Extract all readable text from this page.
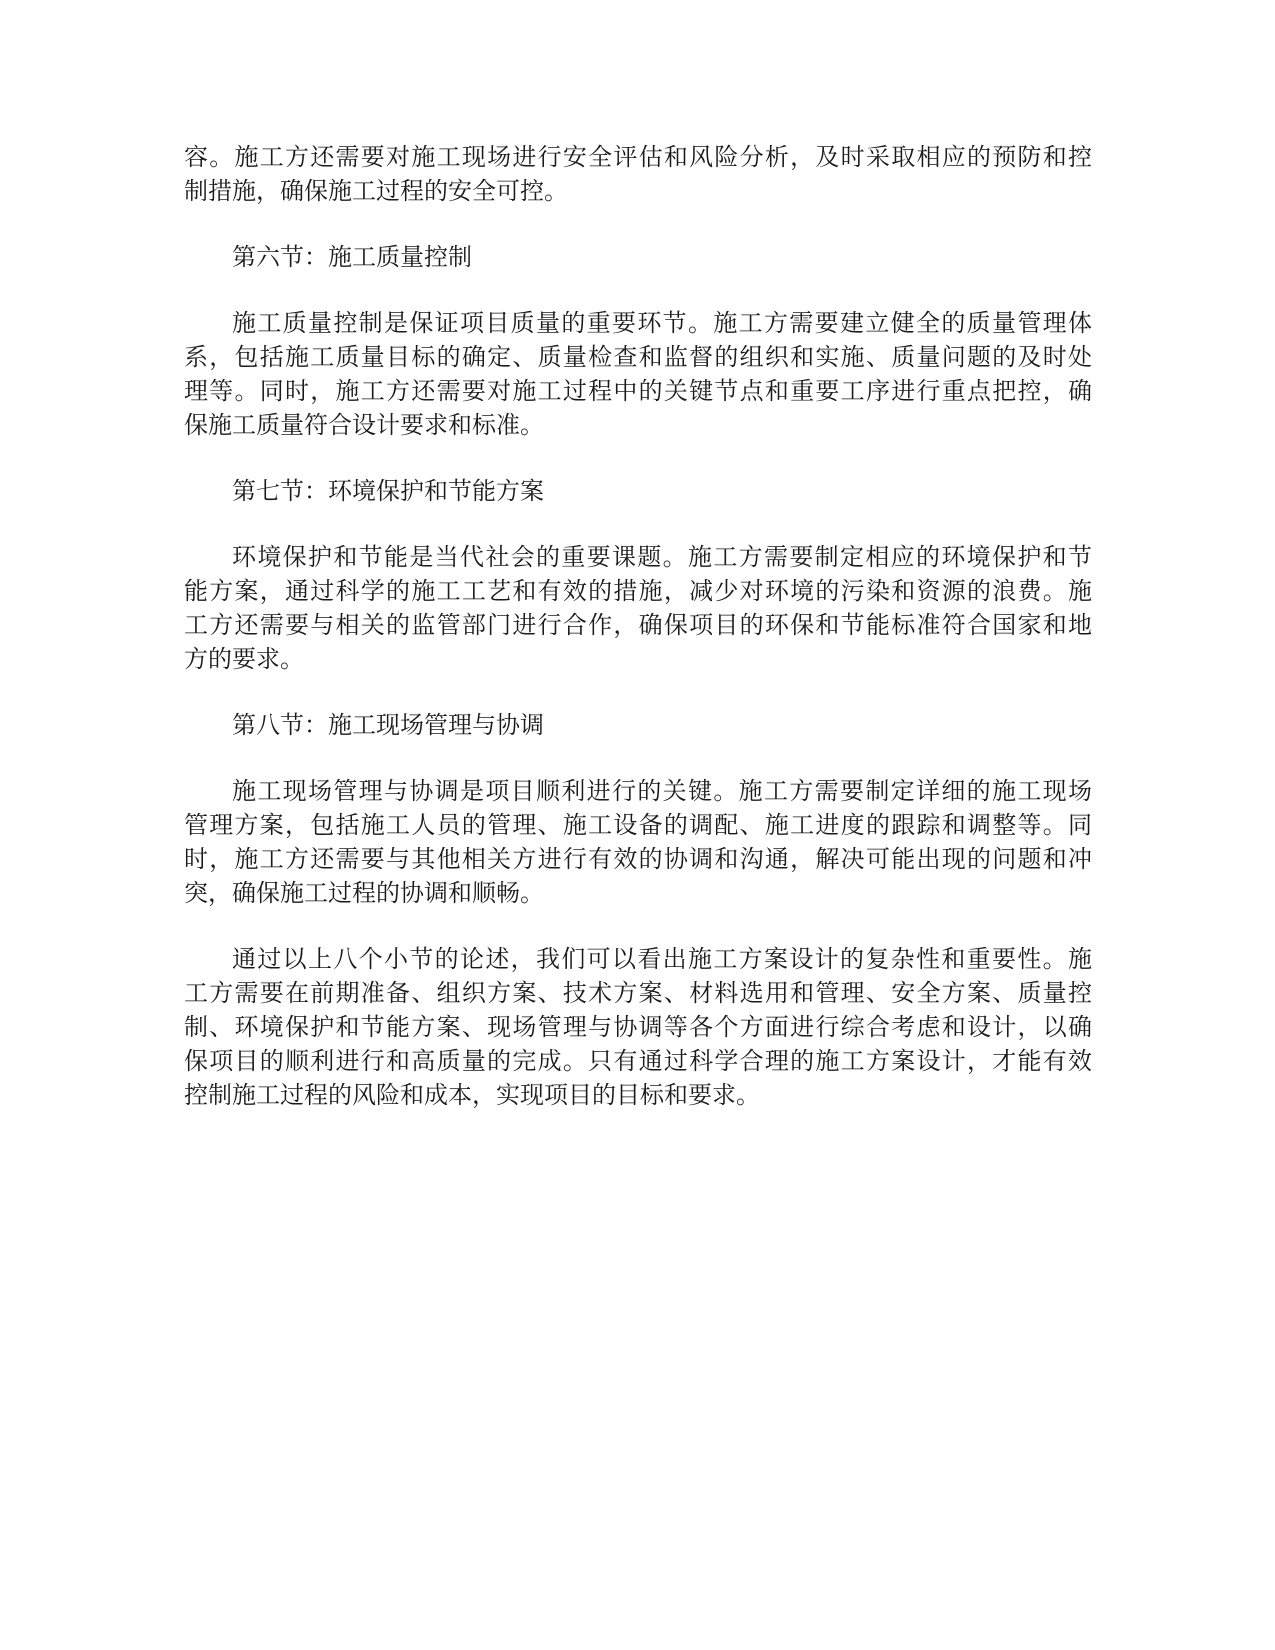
容。施工方还需要对施工现场进行安全评估和风险分析，及时采取相应的预防和控
制措施，确保施工过程的安全可控。

第六节：施工质量控制

施工质量控制是保证项目质量的重要环节。施工方需要建立健全的质量管理体
系，包括施工质量目标的确定、质量检查和监督的组织和实施、质量问题的及时处
理等。同时，施工方还需要对施工过程中的关键节点和重要工序进行重点把控，确
保施工质量符合设计要求和标准。

第七节：环境保护和节能方案

环境保护和节能是当代社会的重要课题。施工方需要制定相应的环境保护和节
能方案，通过科学的施工工艺和有效的措施，减少对环境的污染和资源的浪费。施
工方还需要与相关的监管部门进行合作，确保项目的环保和节能标准符合国家和地
方的要求。

第八节：施工现场管理与协调

施工现场管理与协调是项目顺利进行的关键。施工方需要制定详细的施工现场
管理方案，包括施工人员的管理、施工设备的调配、施工进度的跟踪和调整等。同
时，施工方还需要与其他相关方进行有效的协调和沟通，解决可能出现的问题和冲
突，确保施工过程的协调和顺畅。

通过以上八个小节的论述，我们可以看出施工方案设计的复杂性和重要性。施
工方需要在前期准备、组织方案、技术方案、材料选用和管理、安全方案、质量控
制、环境保护和节能方案、现场管理与协调等各个方面进行综合考虑和设计，以确
保项目的顺利进行和高质量的完成。只有通过科学合理的施工方案设计，才能有效
控制施工过程的风险和成本，实现项目的目标和要求。
